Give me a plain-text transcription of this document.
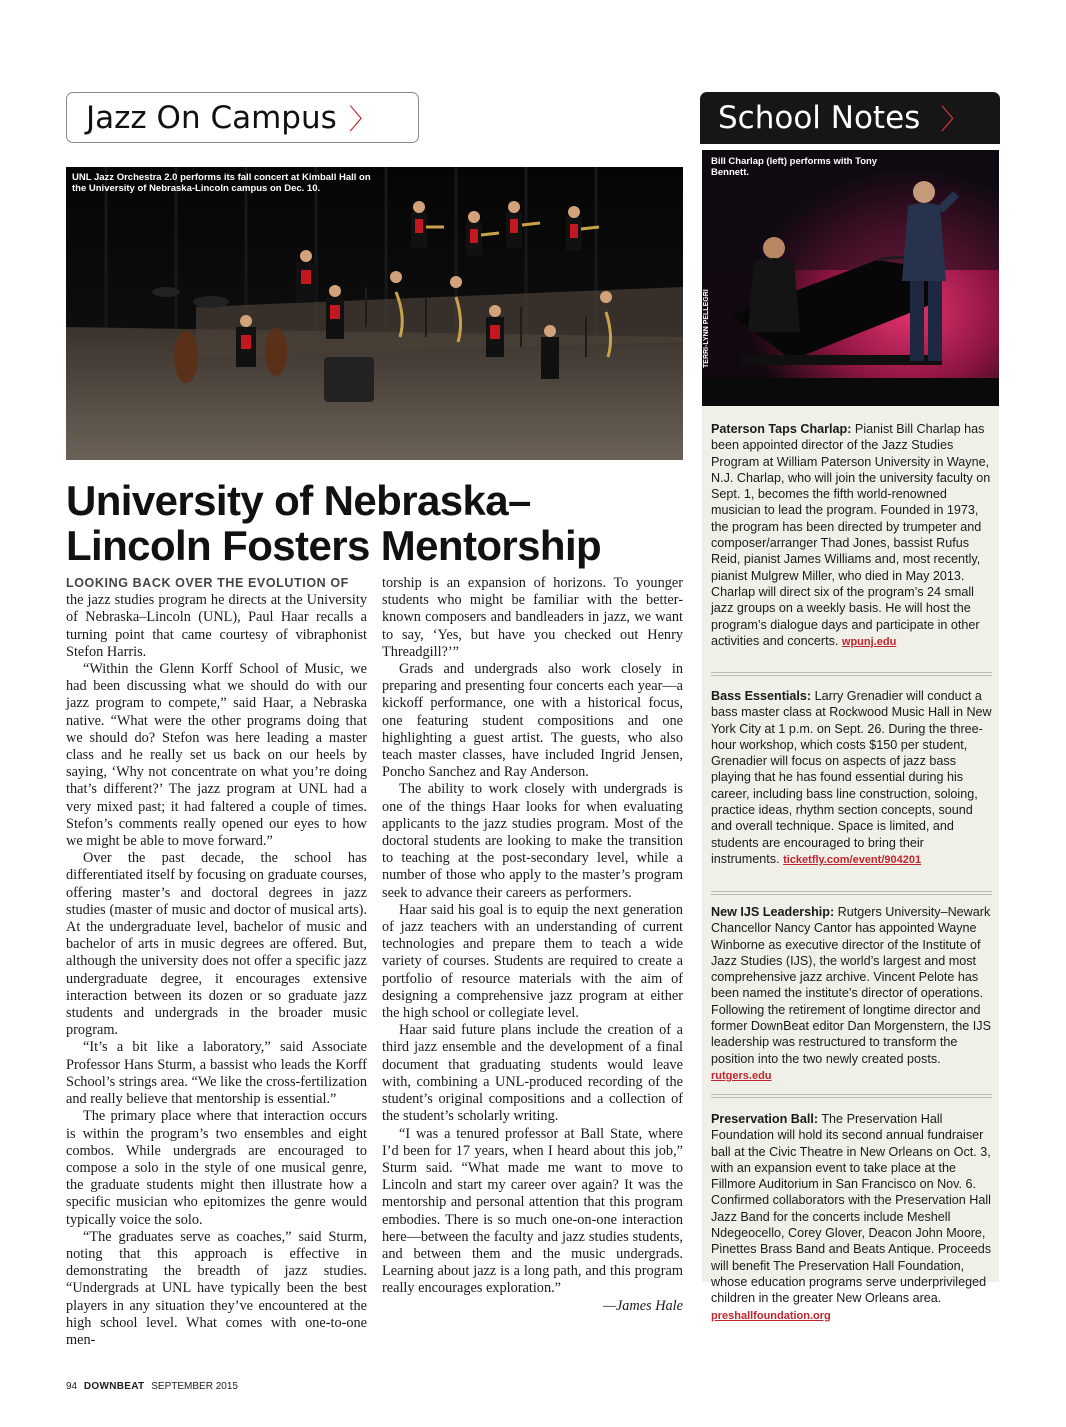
Jazz On Campus 〉	School Notes 〉
UNL Jazz Orchestra 2.0 performs its fall concert at Kimball Hall on the University of Nebraska-Lincoln campus on Dec. 10.
Bill Charlap (left) performs with Tony Bennett.
TERRI-LYNN PELLEGRI
University of Nebraska– Lincoln Fosters Mentorship

LOOKING BACK OVER THE EVOLUTION OF
the jazz studies program he directs at the University of Nebraska–Lincoln (UNL), Paul Haar recalls a turning point that came courtesy of vibraphonist Stefon Harris.

“Within the Glenn Korff School of Music, we had been discussing what we should do with our jazz program to compete,” said Haar, a Nebraska native. “What were the other programs doing that we should do? Stefon was here leading a master class and he really set us back on our heels by saying, ‘Why not concentrate on what you’re doing that’s different?’ The jazz program at UNL had a very mixed past; it had faltered a couple of times. Stefon’s comments really opened our eyes to how we might be able to move forward.”

Over the past decade, the school has differentiated itself by focusing on graduate courses, offering master’s and doctoral degrees in jazz studies (master of music and doctor of musical arts). At the undergraduate level, bachelor of music and bachelor of arts in music degrees are offered. But, although the university does not offer a specific jazz undergraduate degree, it encourages extensive interaction between its dozen or so graduate jazz students and undergrads in the broader music program.

“It’s a bit like a laboratory,” said Associate Professor Hans Sturm, a bassist who leads the Korff School’s strings area. “We like the cross-fertilization and really believe that mentorship is essential.”

The primary place where that interaction occurs is within the program’s two ensembles and eight combos. While undergrads are encouraged to compose a solo in the style of one musical genre, the graduate students might then illustrate how a specific musician who epitomizes the genre would typically voice the solo.

“The graduates serve as coaches,” said Sturm, noting that this approach is effective in demonstrating the breadth of jazz studies. “Undergrads at UNL have typically been the best players in any situation they’ve encountered at the high school level. What comes with one-to-one men-

torship is an expansion of horizons. To younger students who might be familiar with the better-known composers and bandleaders in jazz, we want to say, ‘Yes, but have you checked out Henry Threadgill?’”

Grads and undergrads also work closely in preparing and presenting four concerts each year—a kickoff performance, one with a historical focus, one featuring student compositions and one highlighting a guest artist. The guests, who also teach master classes, have included Ingrid Jensen, Poncho Sanchez and Ray Anderson.

The ability to work closely with undergrads is one of the things Haar looks for when evaluating applicants to the jazz studies program. Most of the doctoral students are looking to make the transition to teaching at the post-secondary level, while a number of those who apply to the master’s program seek to advance their careers as performers.

Haar said his goal is to equip the next generation of jazz teachers with an understanding of current technologies and prepare them to teach a wide variety of courses. Students are required to create a portfolio of resource materials with the aim of designing a comprehensive jazz program at either the high school or collegiate level.

Haar said future plans include the creation of a third jazz ensemble and the development of a final document that graduating students would leave with, combining a UNL-produced recording of the student’s original compositions and a collection of the student’s scholarly writing.

“I was a tenured professor at Ball State, where I’d been for 17 years, when I heard about this job,” Sturm said. “What made me want to move to Lincoln and start my career over again? It was the mentorship and personal attention that this program embodies. There is so much one-on-one interaction here—between the faculty and jazz studies students, and between them and the music undergrads. Learning about jazz is a long path, and this program really encourages exploration.”

—James Hale

Paterson Taps Charlap: Pianist Bill Charlap has been appointed director of the Jazz Studies Program at William Paterson University in Wayne, N.J. Charlap, who will join the university faculty on Sept. 1, becomes the fifth world-renowned musician to lead the program. Founded in 1973, the program has been directed by trumpeter and composer/arranger Thad Jones, bassist Rufus Reid, pianist James Williams and, most recently, pianist Mulgrew Miller, who died in May 2013. Charlap will direct six of the program’s 24 small jazz groups on a weekly basis. He will host the program’s dialogue days and participate in other activities and concerts. wpunj.edu
Bass Essentials: Larry Grenadier will conduct a bass master class at Rockwood Music Hall in New York City at 1 p.m. on Sept. 26. During the three-hour workshop, which costs $150 per student, Grenadier will focus on aspects of jazz bass playing that he has found essential during his career, including bass line construction, soloing, practice ideas, rhythm section concepts, sound and overall technique. Space is limited, and students are encouraged to bring their instruments. ticketfly.com/event/904201
New IJS Leadership: Rutgers University–Newark Chancellor Nancy Cantor has appointed Wayne Winborne as executive director of the Institute of Jazz Studies (IJS), the world’s largest and most comprehensive jazz archive. Vincent Pelote has been named the institute’s director of operations. Following the retirement of longtime director and former DownBeat editor Dan Morgenstern, the IJS leadership was restructured to transform the position into the two newly created posts. rutgers.edu
Preservation Ball: The Preservation Hall Foundation will hold its second annual fundraiser ball at the Civic Theatre in New Orleans on Oct. 3, with an expansion event to take place at the Fillmore Auditorium in San Francisco on Nov. 6. Confirmed collaborators with the Preservation Hall Jazz Band for the concerts include Meshell Ndegeocello, Corey Glover, Deacon John Moore, Pinettes Brass Band and Beats Antique. Proceeds will benefit The Preservation Hall Foundation, whose education programs serve underprivileged children in the greater New Orleans area. preshallfoundation.org
94 DOWNBEAT SEPTEMBER 2015
